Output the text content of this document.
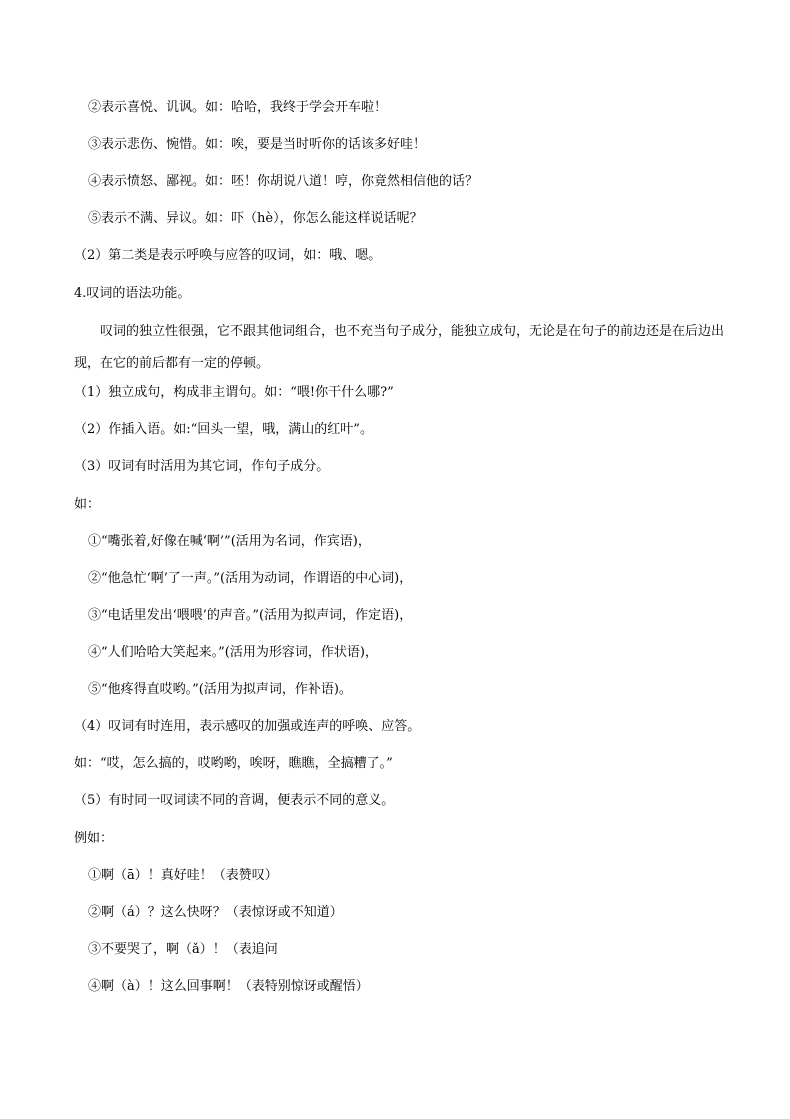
②表示喜悦、讥讽。如：哈哈，我终于学会开车啦！
③表示悲伤、惋惜。如：唉，要是当时听你的话该多好哇！
④表示愤怒、鄙视。如：呸！你胡说八道！哼，你竟然相信他的话？
⑤表示不满、异议。如：吓（hè），你怎么能这样说话呢？
（2）第二类是表示呼唤与应答的叹词，如：哦、嗯。
4.叹词的语法功能。
叹词的独立性很强，它不跟其他词组合，也不充当句子成分，能独立成句，无论是在句子的前边还是在后边出现，在它的前后都有一定的停顿。
（1）独立成句，构成非主谓句。如：“喂!你干什么哪?”
（2）作插入语。如:“回头一望，哦，满山的红叶”。
（3）叹词有时活用为其它词，作句子成分。
如：
①“嘴张着,好像在喊‘啊’”(活用为名词，作宾语)，
②“他急忙‘啊’了一声。”(活用为动词，作谓语的中心词)，
③“电话里发出‘喂喂’的声音。”(活用为拟声词，作定语)，
④“人们哈哈大笑起来。”(活用为形容词，作状语)，
⑤“他疼得直哎哟。”(活用为拟声词，作补语)。
（4）叹词有时连用，表示感叹的加强或连声的呼唤、应答。
如：“哎，怎么搞的，哎哟哟，唉呀，瞧瞧，全搞糟了。”
（5）有时同一叹词读不同的音调，便表示不同的意义。
例如：
①啊（ā）！真好哇！（表赞叹）
②啊（á）？这么快呀？（表惊讶或不知道）
③不要哭了，啊（ǎ）！（表追问
④啊（à）！这么回事啊！（表特别惊讶或醒悟）
